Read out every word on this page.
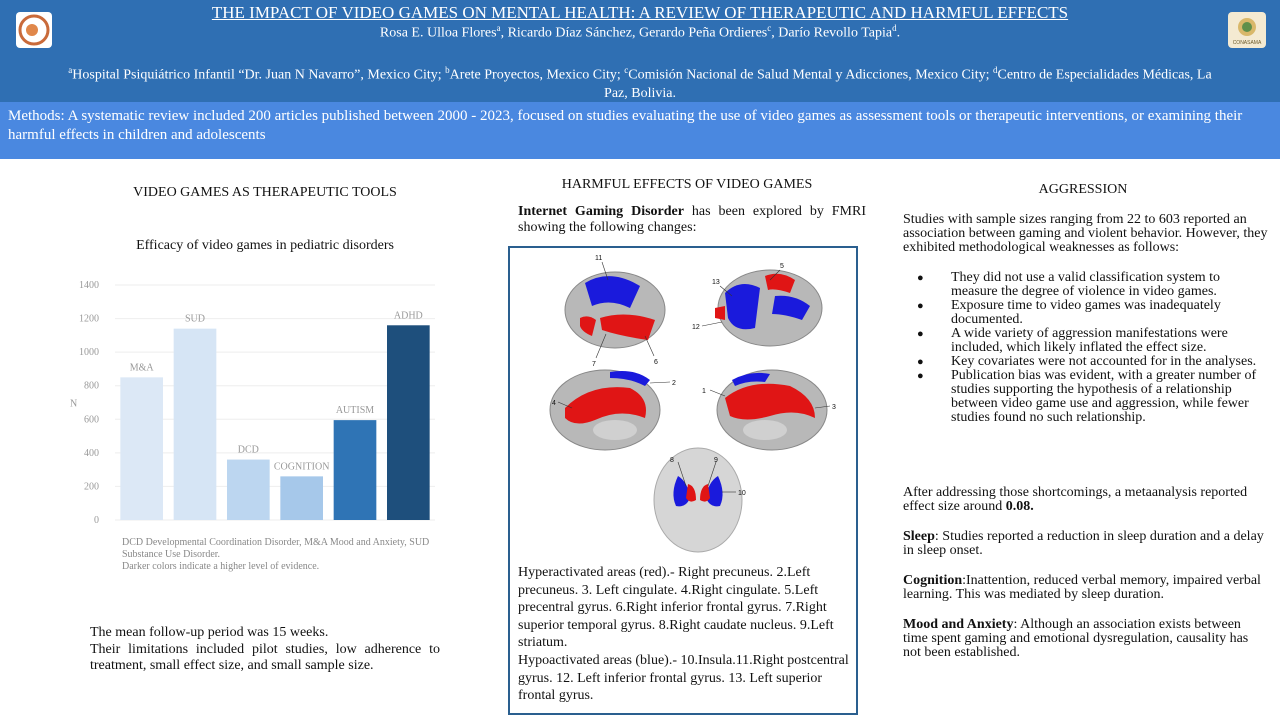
CONASAMA
THE IMPACT OF VIDEO GAMES ON MENTAL HEALTH: A REVIEW OF THERAPEUTIC AND HARMFUL EFFECTS
Rosa E. Ulloa Flores$^a$, Ricardo Díaz Sánchez, Gerardo Peña Ordieres$^c$, Darío Revollo Tapia$^d$.
$^a$Hospital Psiquiátrico Infantil “Dr. Juan N Navarro”, Mexico City; $^b$Arete Proyectos, Mexico City; $^c$Comisión Nacional de Salud Mental y Adicciones, Mexico City; $^d$Centro de Especialidades Médicas, La Paz, Bolivia.
Methods: A systematic review included 200 articles published between 2000 - 2023, focused on studies evaluating the use of video games as assessment tools or therapeutic interventions, or examining their harmful effects in children and adolescents
VIDEO GAMES AS THERAPEUTIC TOOLS
Efficacy of video games in pediatric disorders
0
200
400
600
800
1000
1200
1400
N
M&A
SUD
DCD
COGNITION
AUTISM
ADHD
DCD Developmental Coordination Disorder, M&A Mood and Anxiety, SUD
Substance Use Disorder.
Darker colors indicate a higher level of evidence.
The mean follow-up period was 15 weeks.
Their limitations included pilot studies, low adherence to treatment, small effect size, and small sample size.
HARMFUL EFFECTS OF VIDEO GAMES
Internet Gaming Disorder has been explored by FMRI showing the following changes:
11
7	6
13
5
12
2
4
1
3
8	9
10
Hyperactivated areas (red).- Right precuneus. 2.Left precuneus. 3. Left cingulate. 4.Right cingulate. 5.Left precentral gyrus. 6.Right inferior frontal gyrus. 7.Right superior temporal gyrus. 8.Right caudate nucleus. 9.Left striatum.
Hypoactivated areas (blue).- 10.Insula.11.Right postcentral gyrus. 12. Left inferior frontal gyrus. 13. Left superior frontal gyrus.
AGGRESSION
Studies with sample sizes ranging from 22 to 603 reported an association between gaming and violent behavior. However, they exhibited methodological weaknesses as follows:
● They did not use a valid classification system to measure the degree of violence in video games.
● Exposure time to video games was inadequately documented.
● A wide variety of aggression manifestations were included, which likely inflated the effect size.
● Key covariates were not accounted for in the analyses.
● Publication bias was evident, with a greater number of studies supporting the hypothesis of a relationship between video game use and aggression, while fewer studies found no such relationship.
After addressing those shortcomings, a metaanalysis reported effect size around 0.08.
Sleep: Studies reported a reduction in sleep duration and a delay in sleep onset.
Cognition:Inattention, reduced verbal memory, impaired verbal learning. This was mediated by sleep duration.
Mood and Anxiety: Although an association exists between time spent gaming and emotional dysregulation, causality has not been established.
